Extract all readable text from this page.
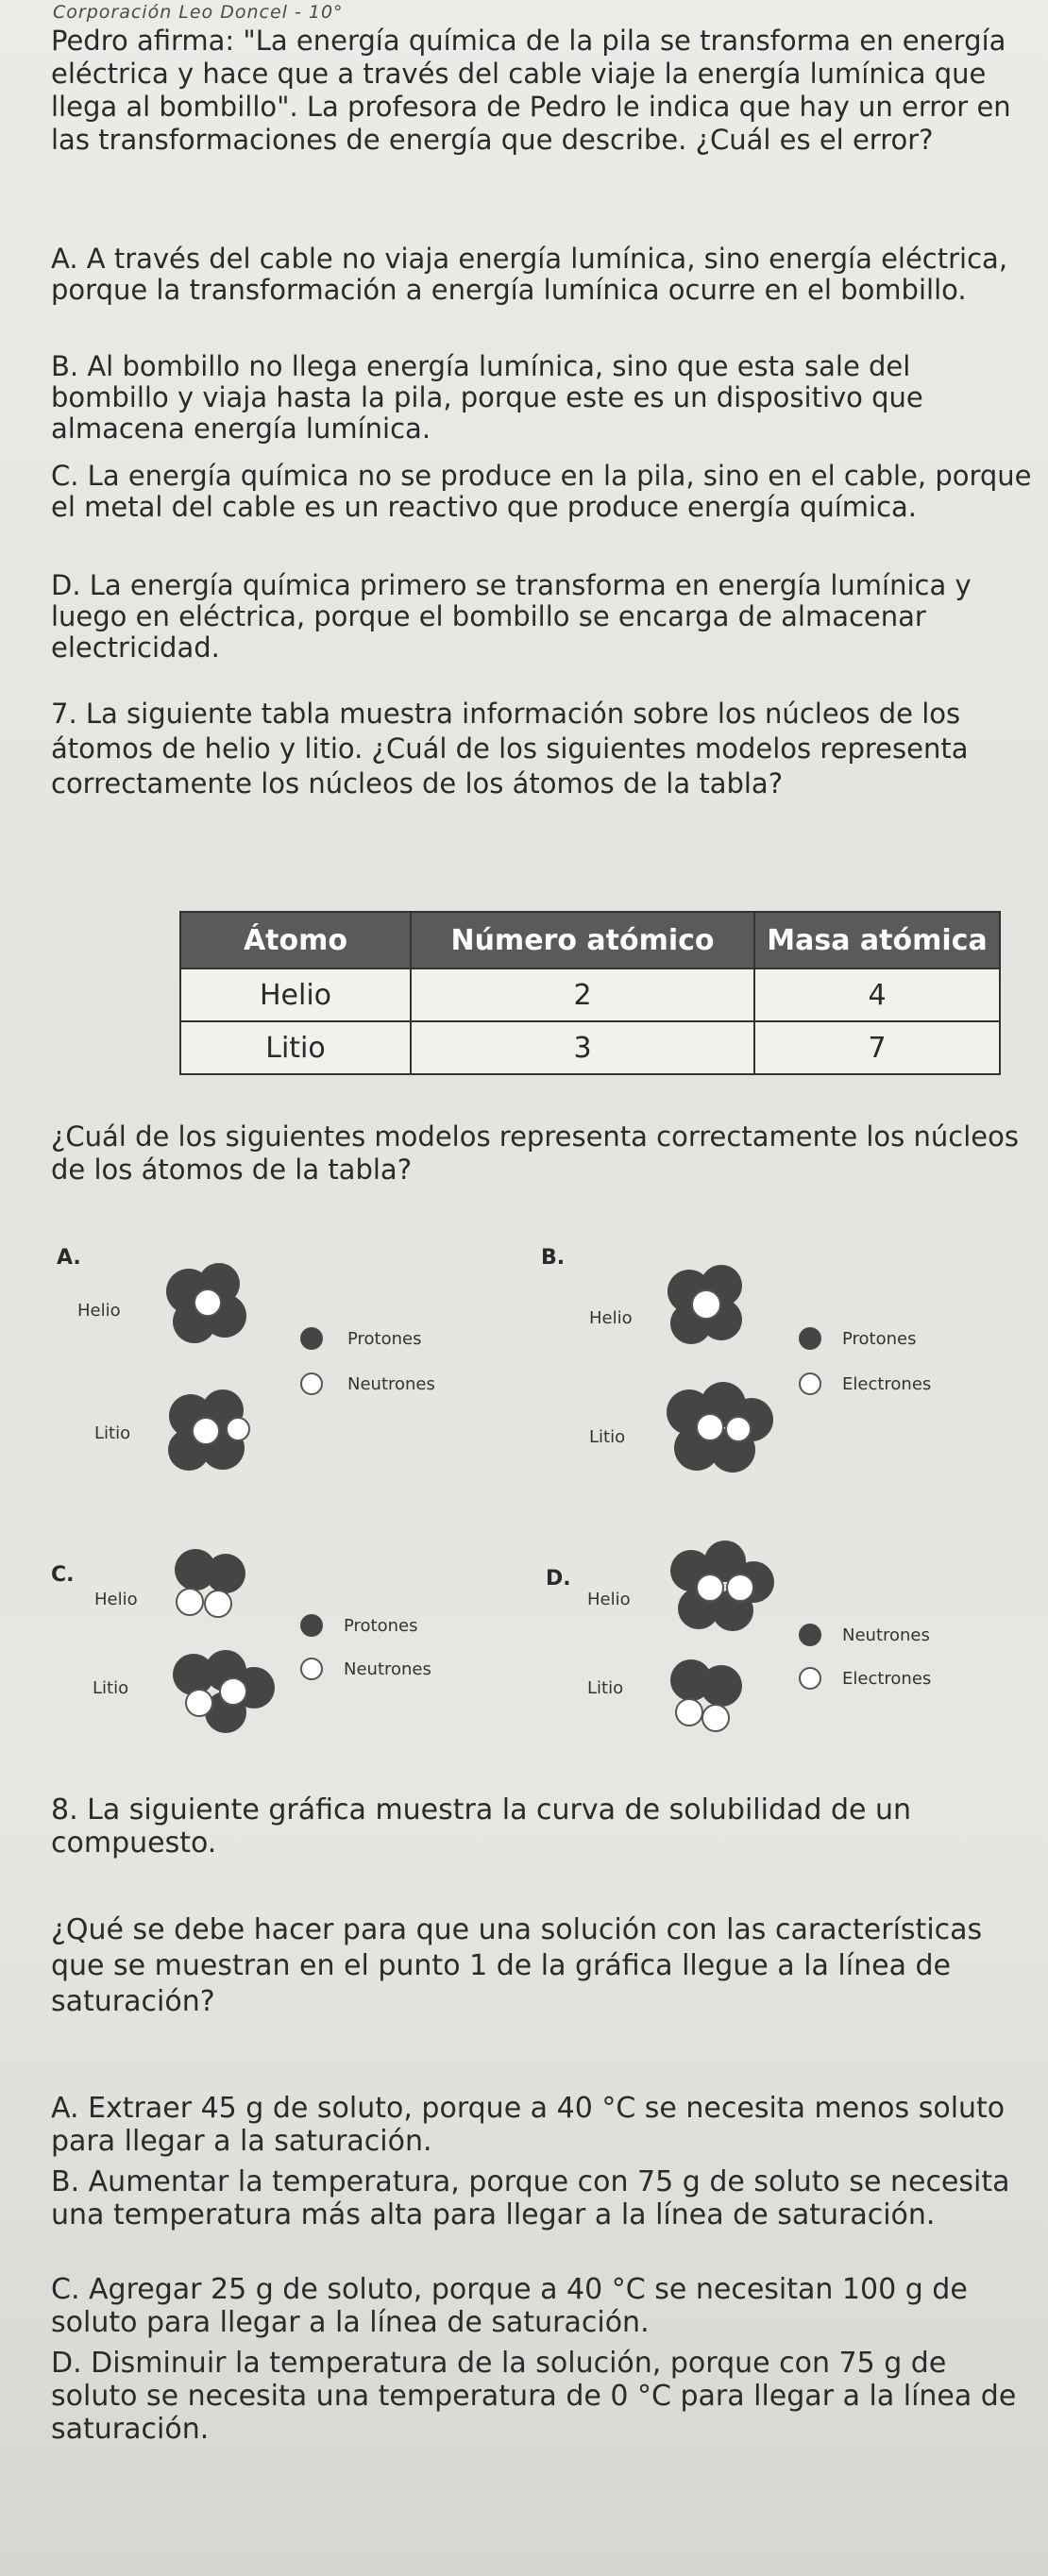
Corporación Leo Doncel - 10°

Pedro afirma: "La energía química de la pila se transforma en energía eléctrica y hace que a través del cable viaje la energía lumínica que llega al bombillo". La profesora de Pedro le indica que hay un error en las transformaciones de energía que describe. ¿Cuál es el error?

A. A través del cable no viaja energía lumínica, sino energía eléctrica, porque la transformación a energía lumínica ocurre en el bombillo.

B. Al bombillo no llega energía lumínica, sino que esta sale del bombillo y viaja hasta la pila, porque este es un dispositivo que almacena energía lumínica.

C. La energía química no se produce en la pila, sino en el cable, porque el metal del cable es un reactivo que produce energía química.

D. La energía química primero se transforma en energía lumínica y luego en eléctrica, porque el bombillo se encarga de almacenar electricidad.

7. La siguiente tabla muestra información sobre los núcleos de los átomos de helio y litio. ¿Cuál de los siguientes modelos representa correctamente los núcleos de los átomos de la tabla?

Átomo	Número atómico	Masa atómica
Helio	2	4
Litio	3	7

¿Cuál de los siguientes modelos representa correctamente los núcleos de los átomos de la tabla?

A.
Helio
Litio
Protones
Neutrones
B.
Helio
Litio
Protones
Electrones
C.
Helio
Litio
Protones
Neutrones
D.
Helio
Litio
Neutrones
Electrones

8. La siguiente gráfica muestra la curva de solubilidad de un compuesto.

¿Qué se debe hacer para que una solución con las características que se muestran en el punto 1 de la gráfica llegue a la línea de saturación?

A. Extraer 45 g de soluto, porque a 40 °C se necesita menos soluto para llegar a la saturación.

B. Aumentar la temperatura, porque con 75 g de soluto se necesita una temperatura más alta para llegar a la línea de saturación.

C. Agregar 25 g de soluto, porque a 40 °C se necesitan 100 g de soluto para llegar a la línea de saturación.

D. Disminuir la temperatura de la solución, porque con 75 g de soluto se necesita una temperatura de 0 °C para llegar a la línea de saturación.
